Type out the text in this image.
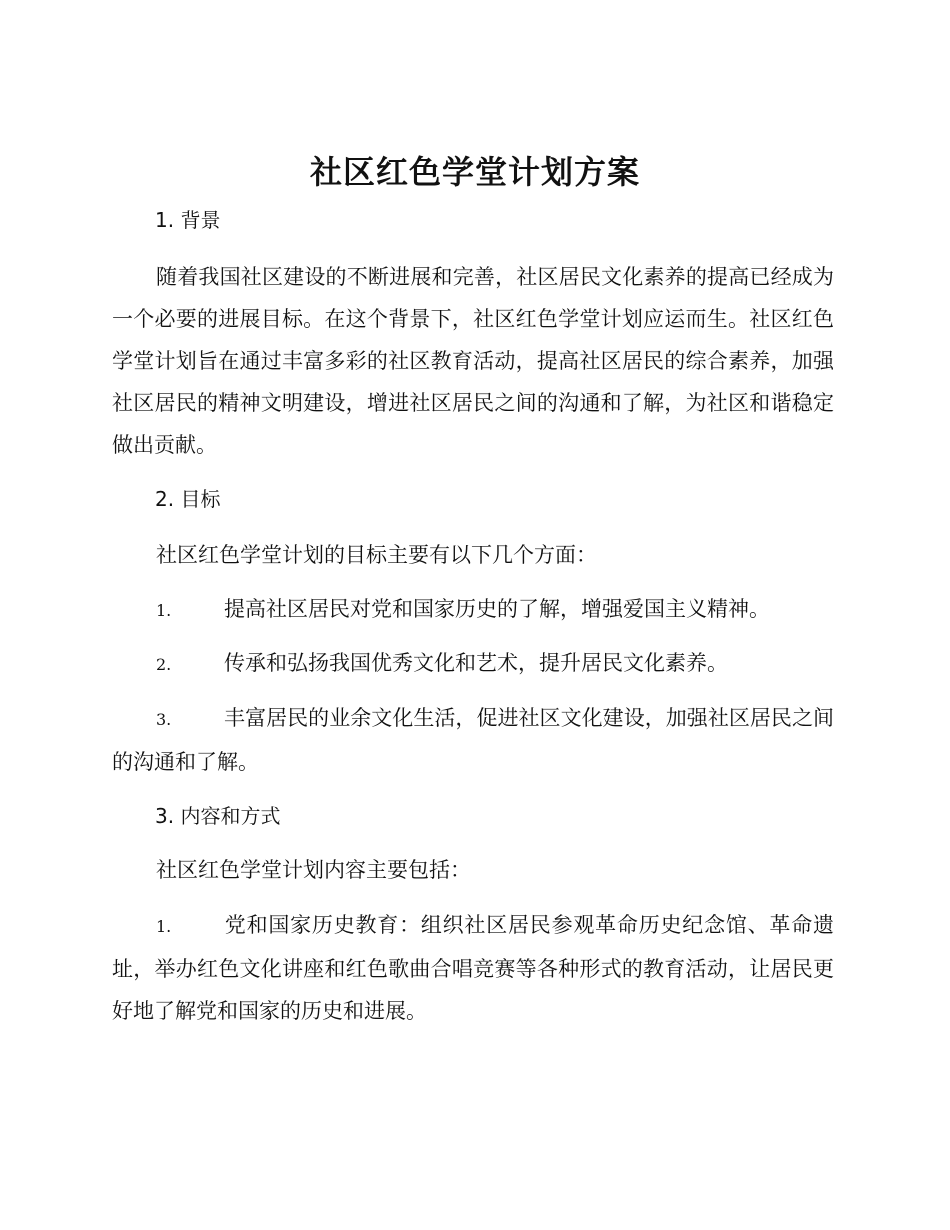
社区红色学堂计划方案
1. 背景

随着我国社区建设的不断进展和完善，社区居民文化素养的提高已经成为一个必要的进展目标。在这个背景下，社区红色学堂计划应运而生。社区红色学堂计划旨在通过丰富多彩的社区教育活动，提高社区居民的综合素养，加强社区居民的精神文明建设，增进社区居民之间的沟通和了解，为社区和谐稳定做出贡献。

2. 目标

社区红色学堂计划的目标主要有以下几个方面：

1.	提高社区居民对党和国家历史的了解，增强爱国主义精神。

2.	传承和弘扬我国优秀文化和艺术，提升居民文化素养。

3.	丰富居民的业余文化生活，促进社区文化建设，加强社区居民之间的沟通和了解。

3. 内容和方式

社区红色学堂计划内容主要包括：

1.	党和国家历史教育：组织社区居民参观革命历史纪念馆、革命遗址，举办红色文化讲座和红色歌曲合唱竞赛等各种形式的教育活动，让居民更好地了解党和国家的历史和进展。
